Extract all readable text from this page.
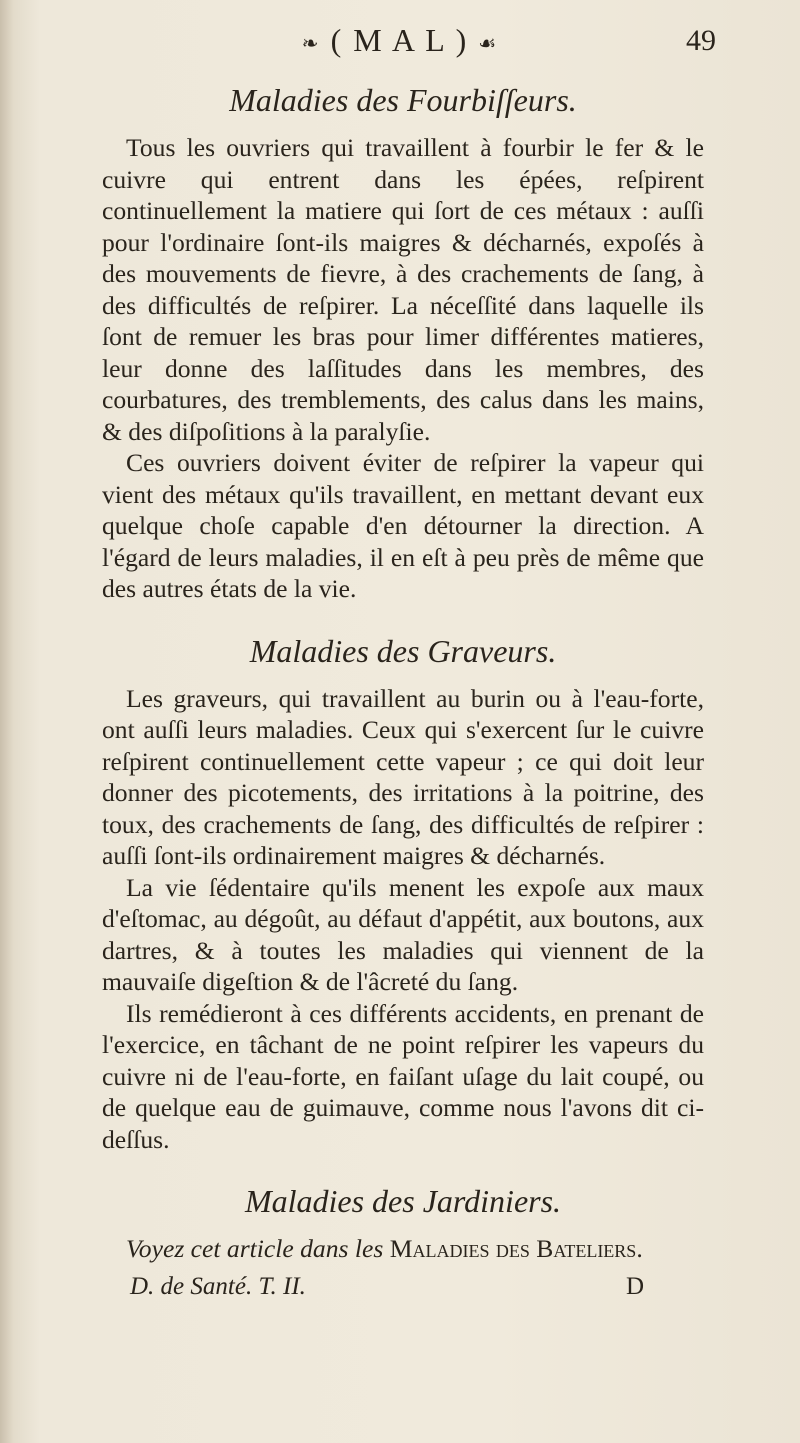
❧ ( M A L ) ☙	49
Maladies des Fourbiſſeurs.

Tous les ouvriers qui travaillent à fourbir le fer & le cuivre qui entrent dans les épées, reſpirent continuellement la matiere qui ſort de ces métaux : auſſi pour l'ordinaire ſont-ils maigres & décharnés, expoſés à des mouvements de fievre, à des crachements de ſang, à des difficultés de reſpirer. La néceſſité dans laquelle ils ſont de remuer les bras pour limer différentes matieres, leur donne des laſſitudes dans les membres, des courbatures, des tremblements, des calus dans les mains, & des diſpoſitions à la paralyſie.

Ces ouvriers doivent éviter de reſpirer la vapeur qui vient des métaux qu'ils travaillent, en mettant devant eux quelque choſe capable d'en détourner la direction. A l'égard de leurs maladies, il en eſt à peu près de même que des autres états de la vie.

Maladies des Graveurs.

Les graveurs, qui travaillent au burin ou à l'eau-forte, ont auſſi leurs maladies. Ceux qui s'exercent ſur le cuivre reſpirent continuellement cette vapeur ; ce qui doit leur donner des picotements, des irritations à la poitrine, des toux, des crachements de ſang, des difficultés de reſpirer : auſſi ſont-ils ordinairement maigres & décharnés.

La vie ſédentaire qu'ils menent les expoſe aux maux d'eſtomac, au dégoût, au défaut d'appétit, aux boutons, aux dartres, & à toutes les maladies qui viennent de la mauvaiſe digeſtion & de l'âcreté du ſang.

Ils remédieront à ces différents accidents, en prenant de l'exercice, en tâchant de ne point reſpirer les vapeurs du cuivre ni de l'eau-forte, en faiſant uſage du lait coupé, ou de quelque eau de guimauve, comme nous l'avons dit ci-deſſus.

Maladies des Jardiniers.

Voyez cet article dans les Maladies des Bateliers.

D. de Santé. T. II.	D
